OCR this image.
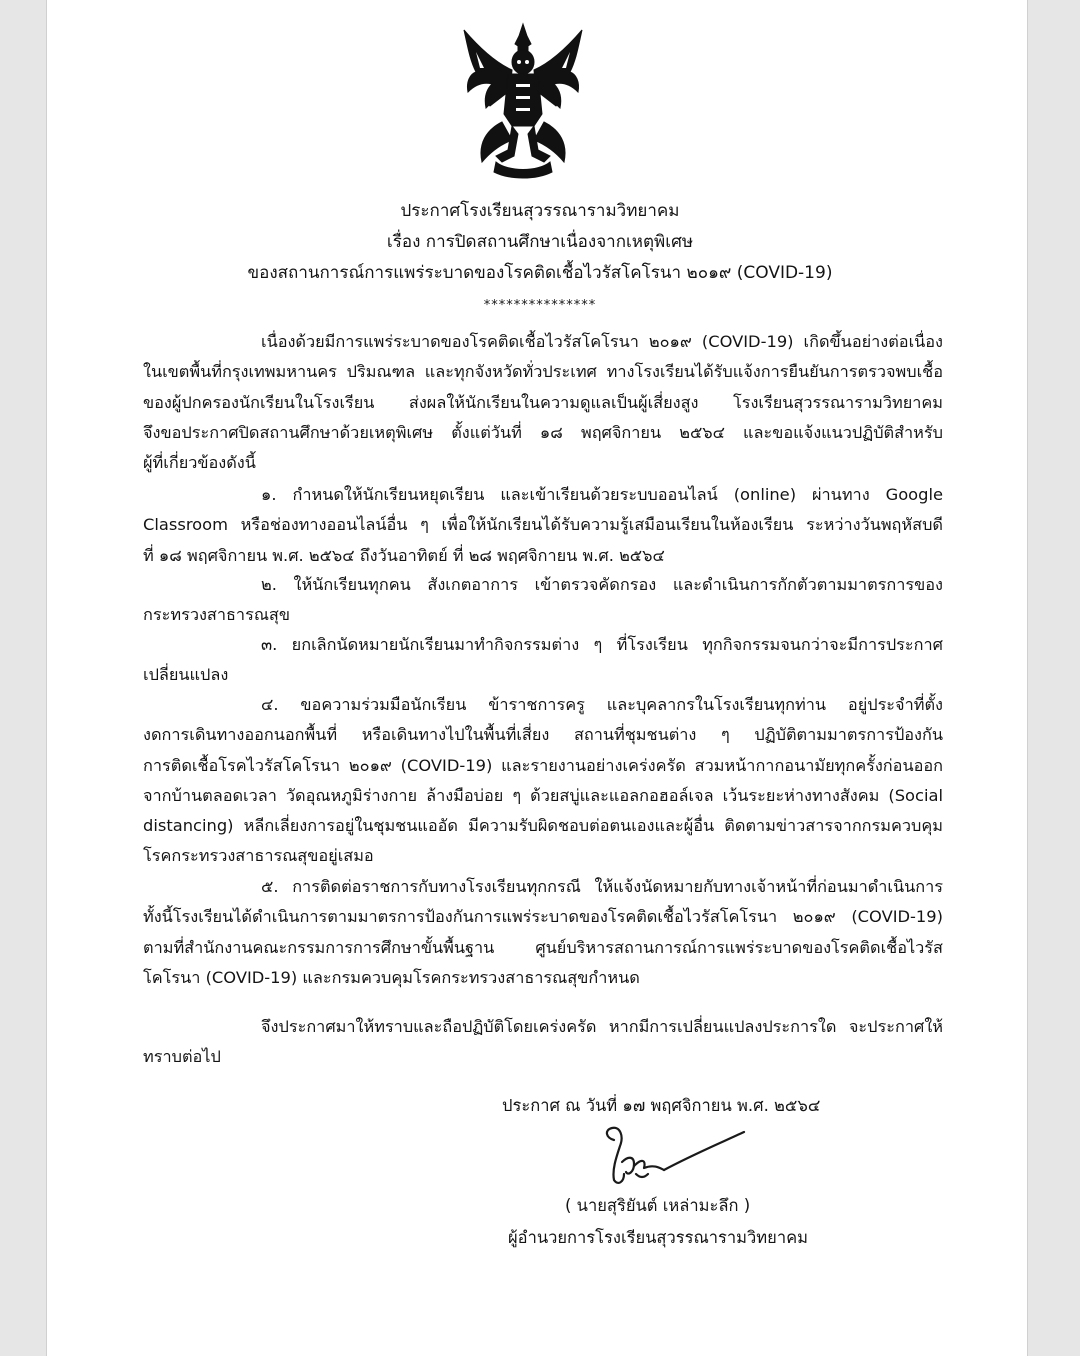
ประกาศโรงเรียนสุวรรณารามวิทยาคม
เรื่อง การปิดสถานศึกษาเนื่องจากเหตุพิเศษ
ของสถานการณ์การแพร่ระบาดของโรคติดเชื้อไวรัสโคโรนา ๒๐๑๙ (COVID-19)
***************

เนื่องด้วยมีการแพร่ระบาดของโรคติดเชื้อไวรัสโคโรนา ๒๐๑๙ (COVID-19) เกิดขึ้นอย่างต่อเนื่อง

ในเขตพื้นที่กรุงเทพมหานคร ปริมณฑล และทุกจังหวัดทั่วประเทศ ทางโรงเรียนได้รับแจ้งการยืนยันการตรวจพบเชื้อ

ของผู้ปกครองนักเรียนในโรงเรียน ส่งผลให้นักเรียนในความดูแลเป็นผู้เสี่ยงสูง โรงเรียนสุวรรณารามวิทยาคม

จึงขอประกาศปิดสถานศึกษาด้วยเหตุพิเศษ ตั้งแต่วันที่ ๑๘ พฤศจิกายน ๒๕๖๔ และขอแจ้งแนวปฏิบัติสำหรับ

ผู้ที่เกี่ยวข้องดังนี้

๑. กำหนดให้นักเรียนหยุดเรียน และเข้าเรียนด้วยระบบออนไลน์ (online) ผ่านทาง Google

Classroom หรือช่องทางออนไลน์อื่น ๆ เพื่อให้นักเรียนได้รับความรู้เสมือนเรียนในห้องเรียน ระหว่างวันพฤหัสบดี

ที่ ๑๘ พฤศจิกายน พ.ศ. ๒๕๖๔ ถึงวันอาทิตย์ ที่ ๒๘ พฤศจิกายน พ.ศ. ๒๕๖๔

๒. ให้นักเรียนทุกคน สังเกตอาการ เข้าตรวจคัดกรอง และดำเนินการกักตัวตามมาตรการของ

กระทรวงสาธารณสุข

๓. ยกเลิกนัดหมายนักเรียนมาทำกิจกรรมต่าง ๆ ที่โรงเรียน ทุกกิจกรรมจนกว่าจะมีการประกาศ

เปลี่ยนแปลง

๔. ขอความร่วมมือนักเรียน ข้าราชการครู และบุคลากรในโรงเรียนทุกท่าน อยู่ประจำที่ตั้ง

งดการเดินทางออกนอกพื้นที่ หรือเดินทางไปในพื้นที่เสี่ยง สถานที่ชุมชนต่าง ๆ ปฏิบัติตามมาตรการป้องกัน

การติดเชื้อโรคไวรัสโคโรนา ๒๐๑๙ (COVID-19) และรายงานอย่างเคร่งครัด สวมหน้ากากอนามัยทุกครั้งก่อนออก

จากบ้านตลอดเวลา วัดอุณหภูมิร่างกาย ล้างมือบ่อย ๆ ด้วยสบู่และแอลกอฮอล์เจล เว้นระยะห่างทางสังคม (Social

distancing) หลีกเลี่ยงการอยู่ในชุมชนแออัด มีความรับผิดชอบต่อตนเองและผู้อื่น ติดตามข่าวสารจากกรมควบคุม

โรคกระทรวงสาธารณสุขอยู่เสมอ

๕. การติดต่อราชการกับทางโรงเรียนทุกกรณี ให้แจ้งนัดหมายกับทางเจ้าหน้าที่ก่อนมาดำเนินการ

ทั้งนี้โรงเรียนได้ดำเนินการตามมาตรการป้องกันการแพร่ระบาดของโรคติดเชื้อไวรัสโคโรนา ๒๐๑๙ (COVID-19)

ตามที่สำนักงานคณะกรรมการการศึกษาขั้นพื้นฐาน ศูนย์บริหารสถานการณ์การแพร่ระบาดของโรคติดเชื้อไวรัส

โคโรนา (COVID-19) และกรมควบคุมโรคกระทรวงสาธารณสุขกำหนด

จึงประกาศมาให้ทราบและถือปฏิบัติโดยเคร่งครัด หากมีการเปลี่ยนแปลงประการใด จะประกาศให้

ทราบต่อไป

ประกาศ ณ วันที่ ๑๗ พฤศจิกายน พ.ศ. ๒๕๖๔
( นายสุริยันต์ เหล่ามะลึก )
ผู้อำนวยการโรงเรียนสุวรรณารามวิทยาคม
